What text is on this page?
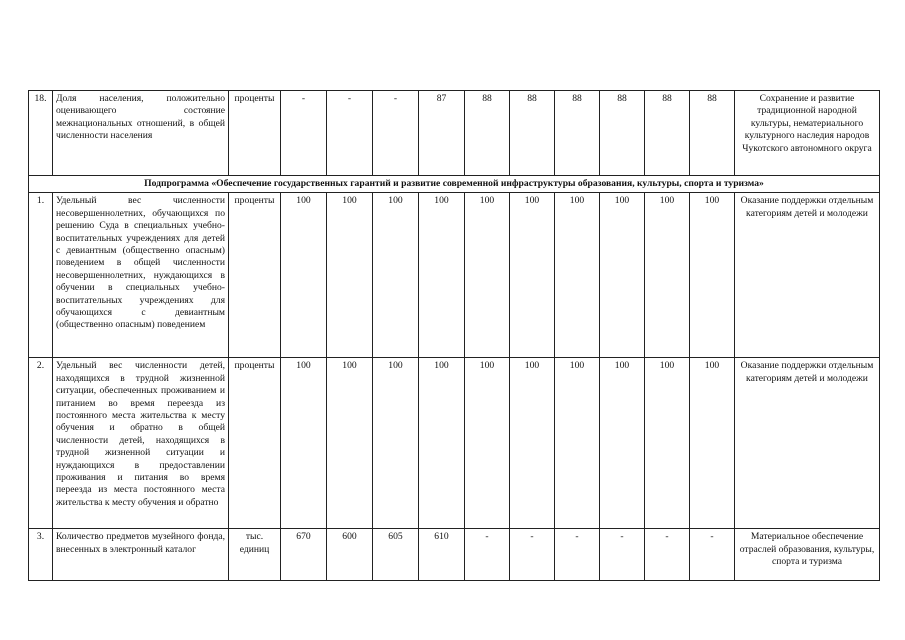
18.	Доля населения, положительно оценивающего состояние межнациональных отношений, в общей численности населения	проценты	-	-	-	87	88	88	88	88	88	88	Сохранение и развитие традиционной народной культуры, нематериального культурного наследия народов Чукотского автономного округа
Подпрограмма «Обеспечение государственных гарантий и развитие современной инфраструктуры образования, культуры, спорта и туризма»													
1.	Удельный вес численности несовершеннолетних, обучающихся по решению Суда в специальных учебно-воспитательных учреждениях для детей с девиантным (общественно опасным) поведением в общей численности несовершеннолетних, нуждающихся в обучении в специальных учебно-воспитательных учреждениях для обучающихся с девиантным (общественно опасным) поведением	проценты	100	100	100	100	100	100	100	100	100	100	Оказание поддержки отдельным категориям детей и молодежи
2.	Удельный вес численности детей, находящихся в трудной жизненной ситуации, обеспеченных проживанием и питанием во время переезда из постоянного места жительства к месту обучения и обратно в общей численности детей, находящихся в трудной жизненной ситуации и нуждающихся в предоставлении проживания и питания во время переезда из места постоянного места жительства к месту обучения и обратно	проценты	100	100	100	100	100	100	100	100	100	100	Оказание поддержки отдельным категориям детей и молодежи
3.	Количество предметов музейного фонда, внесенных в электронный каталог	тыс. единиц	670	600	605	610	-	-	-	-	-	-	Материальное обеспечение отраслей образования, культуры, спорта и туризма
